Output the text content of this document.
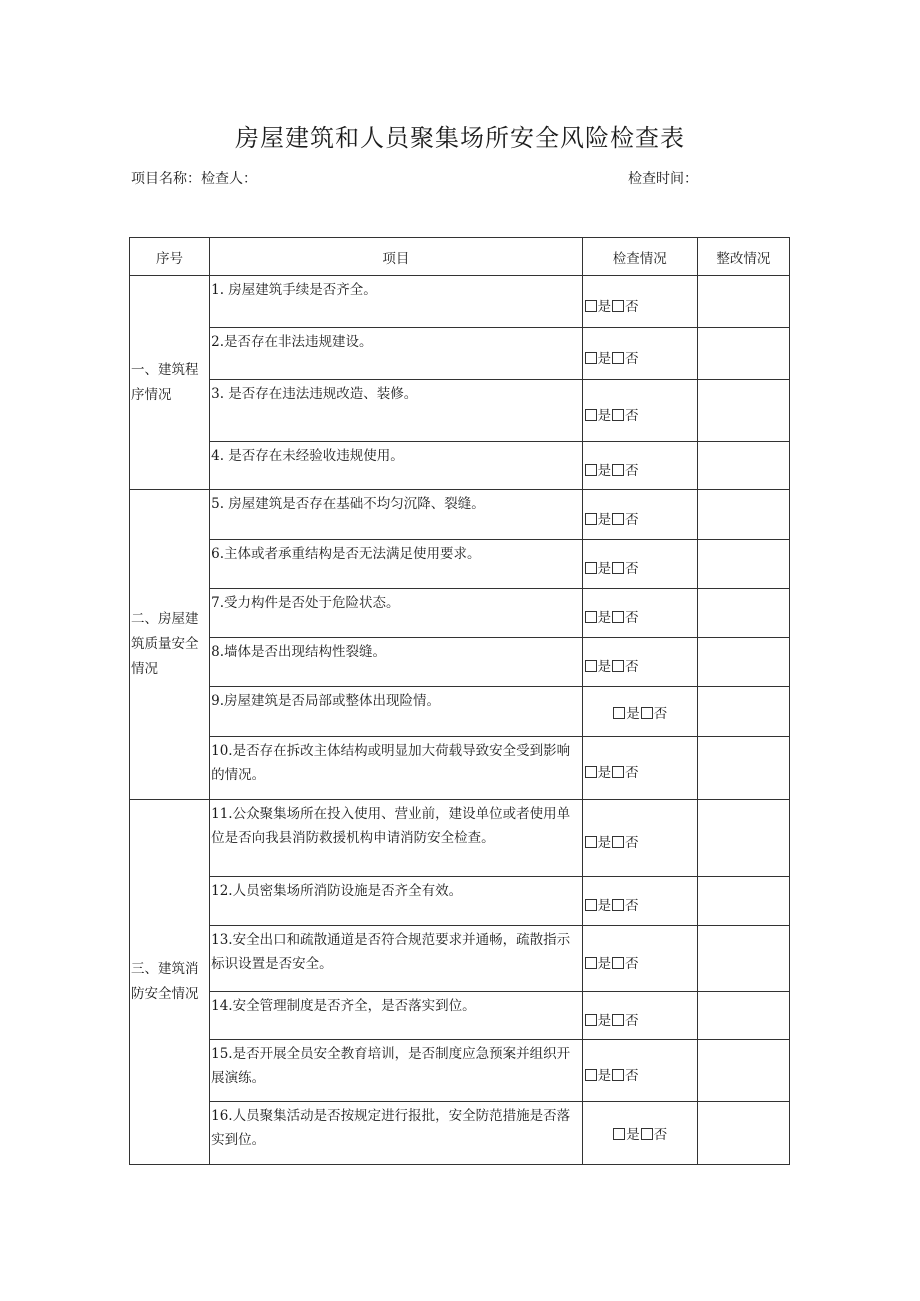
房屋建筑和人员聚集场所安全风险检查表
项目名称：检查人：	检查时间：
序号	项目	检查情况	整改情况
一、建筑程序情况	1. 房屋建筑手续是否齐全。	是 否	
	2.是否存在非法违规建设。	是 否	
	3. 是否存在违法违规改造、装修。	是 否	
	4. 是否存在未经验收违规使用。	是 否	
二、房屋建筑质量安全情况	5. 房屋建筑是否存在基础不均匀沉降、裂缝。	是 否	
	6.主体或者承重结构是否无法满足使用要求。	是 否	
	7.受力构件是否处于危险状态。	是 否	
	8.墙体是否出现结构性裂缝。	是 否	
	9.房屋建筑是否局部或整体出现险情。	是 否	
	10.是否存在拆改主体结构或明显加大荷载导致安全受到影响的情况。	是 否	
三、建筑消防安全情况	11.公众聚集场所在投入使用、营业前，建设单位或者使用单位是否向我县消防救援机构申请消防安全检查。	是 否	
	12.人员密集场所消防设施是否齐全有效。	是 否	
	13.安全出口和疏散通道是否符合规范要求并通畅，疏散指示标识设置是否安全。	是 否	
	14.安全管理制度是否齐全，是否落实到位。	是 否	
	15.是否开展全员安全教育培训，是否制度应急预案并组织开展演练。	是 否	
	16.人员聚集活动是否按规定进行报批，安全防范措施是否落实到位。	是 否	
